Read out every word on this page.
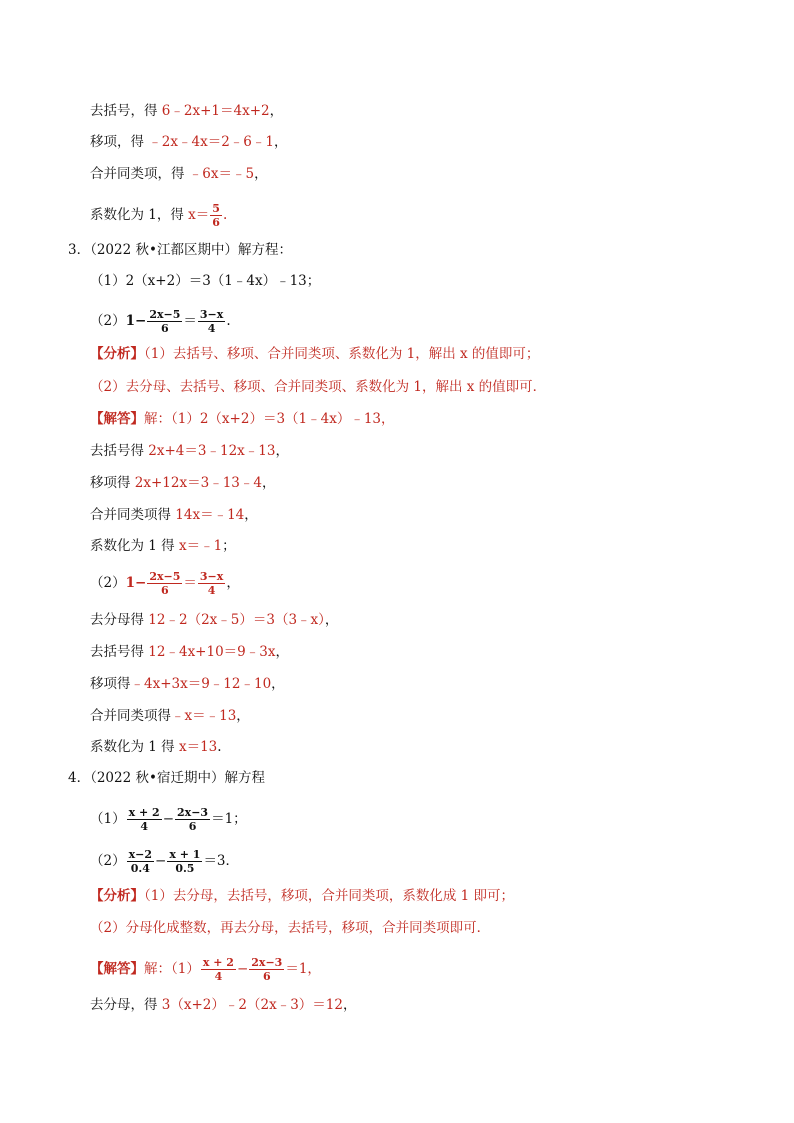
去括号，得 6﹣2x+1＝4x+2，
移项，得 ﹣2x﹣4x＝2﹣6﹣1，
合并同类项，得 ﹣6x＝﹣5，
系数化为 1，得 $x= \frac{5}{6}$ .
3．（2022 秋•江都区期中）解方程：
（1）2（x+2）＝3（1﹣4x）﹣13；
$(2)1- \frac{2x-5}{6} = \frac{3-x}{4}$ .
【分析】（1）去括号、移项、合并同类项、系数化为 1，解出 x 的值即可；
（2）去分母、去括号、移项、合并同类项、系数化为 1，解出 x 的值即可．
【解答】解：（1）2（x+2）＝3（1﹣4x）﹣13，
去括号得 2x+4＝3﹣12x﹣13，
移项得 2x+12x＝3﹣13﹣4，
合并同类项得 14x＝﹣14，
系数化为 1 得 x＝﹣1；
$(2)1- \frac{2x-5}{6} = \frac{3-x}{4}$ ，
去分母得 12﹣2（2x﹣5）＝3（3﹣x），
去括号得 12﹣4x+10＝9﹣3x，
移项得﹣4x+3x＝9﹣12﹣10，
合并同类项得﹣x＝﹣13，
系数化为 1 得 x＝13.
4．（2022 秋•宿迁期中）解方程
$(1) \frac{x + 2}{4} - \frac{2x-3}{6} =1$；
$(2) \frac{x-2}{0.4} - \frac{x + 1}{0.5} =3$．
【分析】（1）去分母，去括号，移项，合并同类项，系数化成 1 即可；
（2）分母化成整数，再去分母，去括号，移项，合并同类项即可．
【解答】解：$(1) \frac{x + 2}{4} - \frac{2x-3}{6} =1$，
去分母，得 3（x+2）﹣2（2x﹣3）＝12，
